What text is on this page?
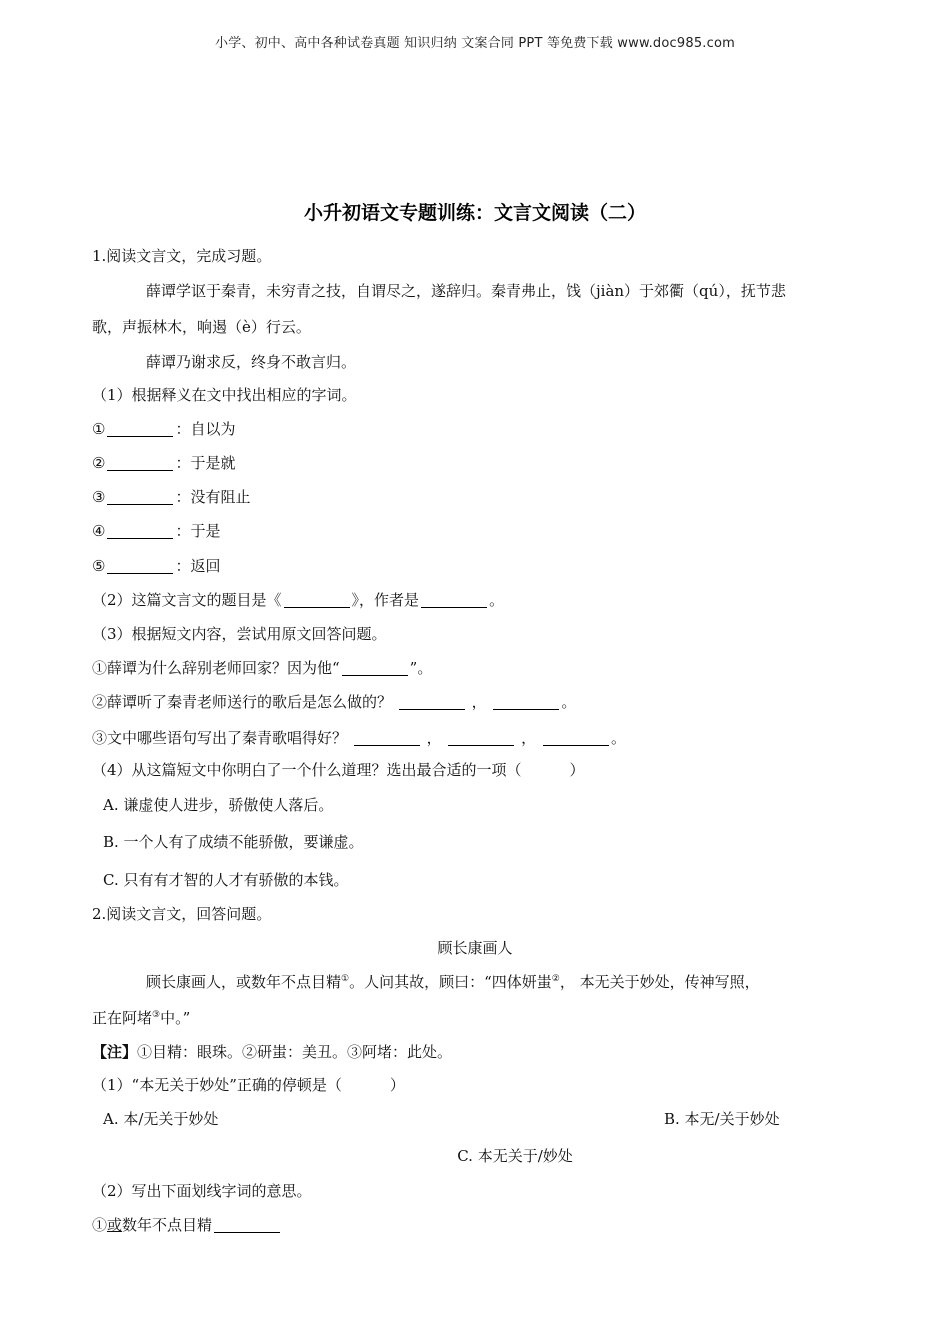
小学、初中、高中各种试卷真题 知识归纳 文案合同 PPT 等免费下载 www.doc985.com
小升初语文专题训练：文言文阅读（二）
1.阅读文言文，完成习题。
薛谭学讴于秦青，未穷青之技，自谓尽之，遂辞归。秦青弗止，饯（jiàn）于郊衢（qú），抚节悲
歌，声振林木，响遏（è）行云。
薛谭乃谢求反，终身不敢言归。
（1）根据释义在文中找出相应的字词。
①	：自以为
②	：于是就
③	：没有阻止
④	：于是
⑤	：返回
（2）这篇文言文的题目是《	》，作者是	。
（3）根据短文内容，尝试用原文回答问题。
①薛谭为什么辞别老师回家？因为他“	”。
②薛谭听了秦青老师送行的歌后是怎么做的？	，	。
③文中哪些语句写出了秦青歌唱得好？	，	，	。
（4）从这篇短文中你明白了一个什么道理？选出最合适的一项（	）
A. 谦虚使人进步，骄傲使人落后。
B. 一个人有了成绩不能骄傲，要谦虚。
C. 只有有才智的人才有骄傲的本钱。
2.阅读文言文，回答问题。
顾长康画人
顾长康画人，或数年不点目精①。人问其故，顾曰：“四体妍蚩②， 本无关于妙处，传神写照，
正在阿堵③中。”
【注】①目精：眼珠。②研蚩：美丑。③阿堵：此处。
（1）“本无关于妙处”正确的停顿是（	）
A. 本/无关于妙处	B. 本无/关于妙处
C. 本无关于/妙处
（2）写出下面划线字词的意思。
①或数年不点目精
